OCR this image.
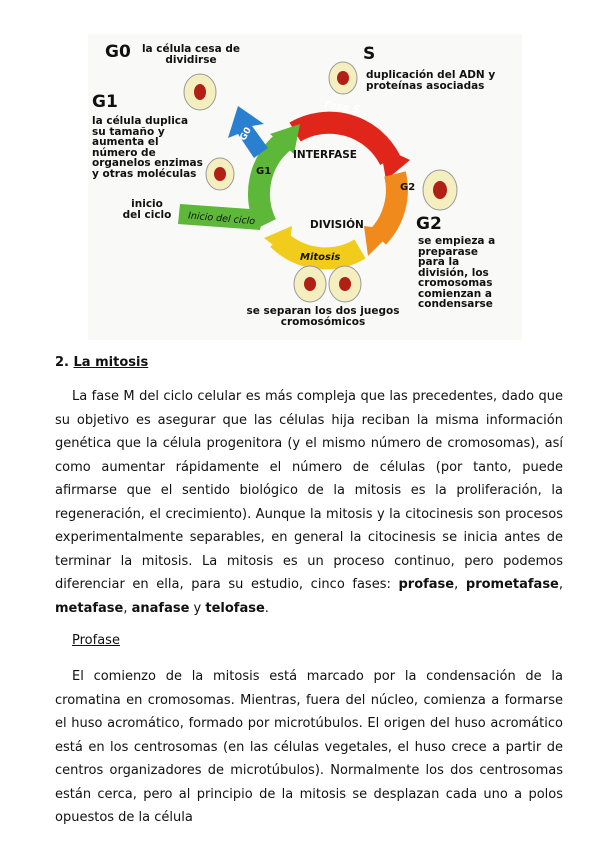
Fase S
G2
Mitosis
G1
G0
Inicio del ciclo
INTERFASE
DIVISIÓN
G0	la célula cesa de dividirse
G1
la célula duplica su tamaño y aumenta el número de organelos enzimas y otras moléculas
S
duplicación del ADN y proteínas asociadas
G2
se empieza a preparase para la división, los cromosomas comienzan a condensarse
inicio del ciclo
se separan los dos juegos cromosómicos
2. La mitosis

La fase M del ciclo celular es más compleja que las precedentes, dado que su objetivo es asegurar que las células hija reciban la misma información genética que la célula progenitora (y el mismo número de cromosomas), así como aumentar rápidamente el número de células (por tanto, puede afirmarse que el sentido biológico de la mitosis es la proliferación, la regeneración, el crecimiento). Aunque la mitosis y la citocinesis son procesos experimentalmente separables, en general la citocinesis se inicia antes de terminar la mitosis. La mitosis es un proceso continuo, pero podemos diferenciar en ella, para su estudio, cinco fases: profase, prometafase, metafase, anafase y telofase.

Profase

El comienzo de la mitosis está marcado por la condensación de la cromatina en cromosomas. Mientras, fuera del núcleo, comienza a formarse el huso acromático, formado por microtúbulos. El origen del huso acromático está en los centrosomas (en las células vegetales, el huso crece a partir de centros organizadores de microtúbulos). Normalmente los dos centrosomas están cerca, pero al principio de la mitosis se desplazan cada uno a polos opuestos de la célula
